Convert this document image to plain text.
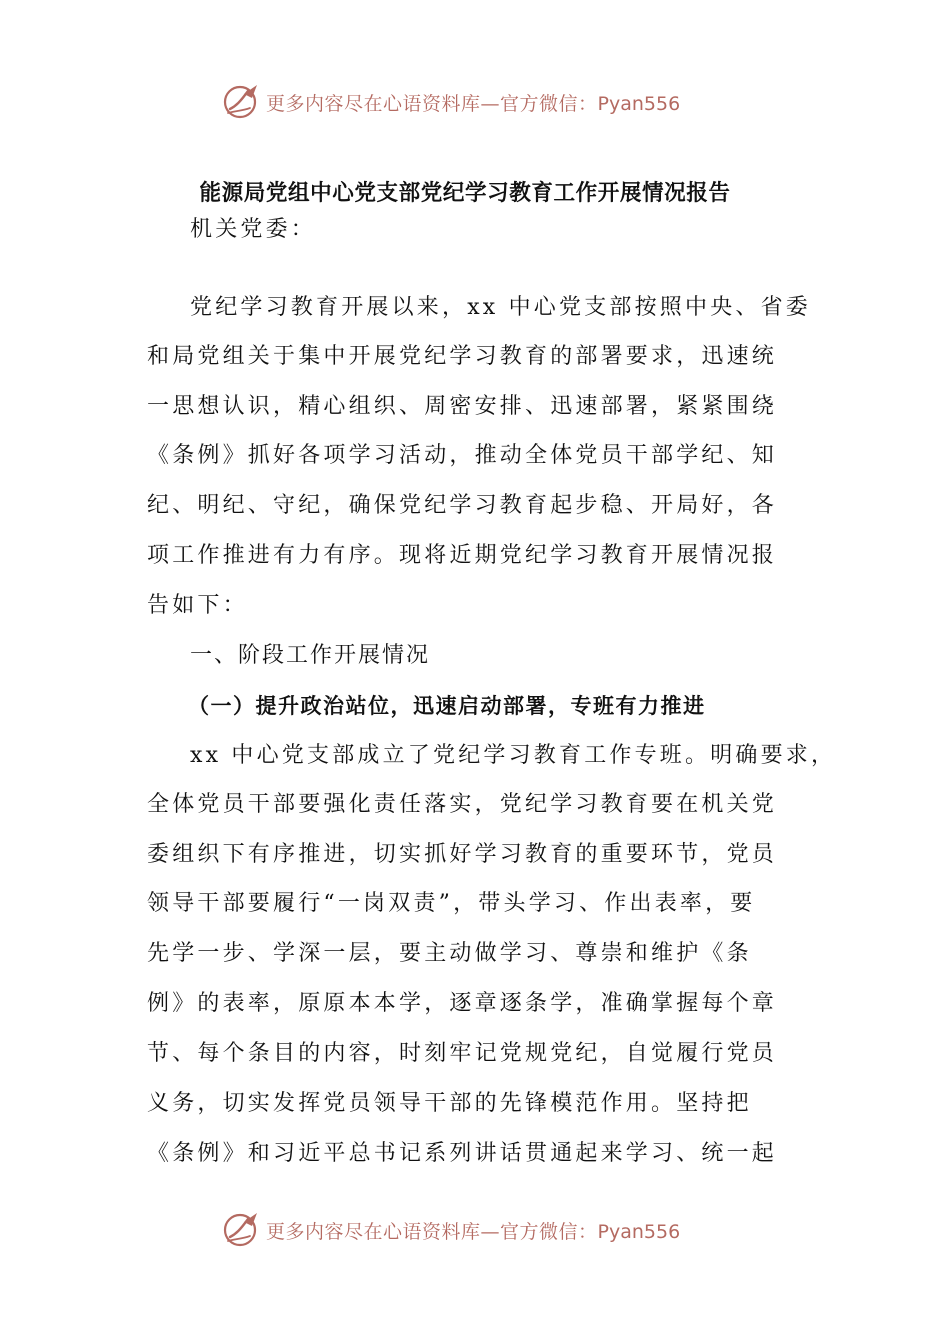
更多内容尽在心语资料库—官方微信：Pyan556
能源局党组中心党支部党纪学习教育工作开展情况报告

机关党委：

党纪学习教育开展以来，xx 中心党支部按照中央、省委

和局党组关于集中开展党纪学习教育的部署要求，迅速统

一思想认识，精心组织、周密安排、迅速部署，紧紧围绕

《条例》抓好各项学习活动，推动全体党员干部学纪、知

纪、明纪、守纪，确保党纪学习教育起步稳、开局好，各

项工作推进有力有序。现将近期党纪学习教育开展情况报

告如下：

一、阶段工作开展情况

（一）提升政治站位，迅速启动部署，专班有力推进

xx 中心党支部成立了党纪学习教育工作专班。明确要求，

全体党员干部要强化责任落实，党纪学习教育要在机关党

委组织下有序推进，切实抓好学习教育的重要环节，党员

领导干部要履行“一岗双责”，带头学习、作出表率，要

先学一步、学深一层，要主动做学习、尊崇和维护《条

例》的表率，原原本本学，逐章逐条学，准确掌握每个章

节、每个条目的内容，时刻牢记党规党纪，自觉履行党员

义务，切实发挥党员领导干部的先锋模范作用。坚持把

《条例》和习近平总书记系列讲话贯通起来学习、统一起

更多内容尽在心语资料库—官方微信：Pyan556
